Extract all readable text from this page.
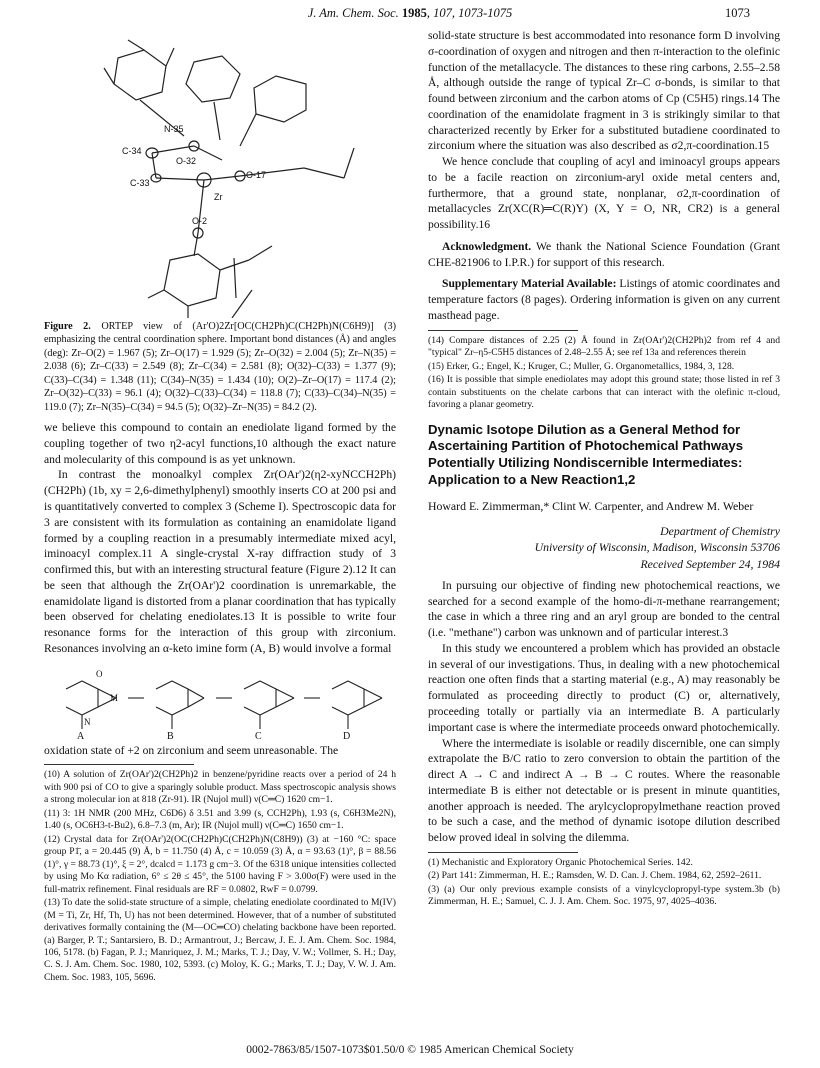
J. Am. Chem. Soc. 1985, 107, 1073-1075	1073
C-34
N-35
O-32
C-33
O-17
Zr
O-2
Figure 2. ORTEP view of (Ar'O)2Zr[OC(CH2Ph)C(CH2Ph)N(C6H9)] (3) emphasizing the central coordination sphere. Important bond distances (Å) and angles (deg): Zr–O(2) = 1.967 (5); Zr–O(17) = 1.929 (5); Zr–O(32) = 2.004 (5); Zr–N(35) = 2.038 (6); Zr–C(33) = 2.549 (8); Zr–C(34) = 2.581 (8); O(32)–C(33) = 1.377 (9); C(33)–C(34) = 1.348 (11); C(34)–N(35) = 1.434 (10); O(2)–Zr–O(17) = 117.4 (2); Zr–O(32)–C(33) = 96.1 (4); O(32)–C(33)–C(34) = 118.8 (7); C(33)–C(34)–N(35) = 119.0 (7); Zr–N(35)–C(34) = 94.5 (5); O(32)–Zr–N(35) = 84.2 (2).

we believe this compound to contain an enediolate ligand formed by the coupling together of two η2-acyl functions,10 although the exact nature and molecularity of this compound is as yet unknown.

In contrast the monoalkyl complex Zr(OAr')2(η2-xyNCCH2Ph)(CH2Ph) (1b, xy = 2,6-dimethylphenyl) smoothly inserts CO at 200 psi and is quantitatively converted to complex 3 (Scheme I). Spectroscopic data for 3 are consistent with its formulation as containing an enamidolate ligand formed by a coupling reaction in a presumably intermediate mixed acyl, iminoacyl complex.11 A single-crystal X-ray diffraction study of 3 confirmed this, but with an interesting structural feature (Figure 2).12 It can be seen that although the Zr(OAr')2 coordination is unremarkable, the enamidolate ligand is distorted from a planar coordination that has typically been observed for chelating enediolates.13 It is possible to write four resonance forms for the interaction of this group with zirconium. Resonances involving an α-keto imine form (A, B) would involve a formal

O
M
N
A	B	C	D

oxidation state of +2 on zirconium and seem unreasonable. The

(10) A solution of Zr(OAr')2(CH2Ph)2 in benzene/pyridine reacts over a period of 24 h with 900 psi of CO to give a sparingly soluble product. Mass spectroscopic analysis shows a strong molecular ion at 818 (Zr-91). IR (Nujol mull) ν(C═C) 1620 cm−1.

(11) 3: 1H NMR (200 MHz, C6D6) δ 3.51 and 3.99 (s, CCH2Ph), 1.93 (s, C6H3Me2N), 1.40 (s, OC6H3-t-Bu2), 6.8–7.3 (m, Ar); IR (Nujol mull) ν(C═C) 1650 cm−1.

(12) Crystal data for Zr(OAr')2(OC(CH2Ph)C(CH2Ph)N(C8H9)) (3) at −160 °C: space group P1̄, a = 20.445 (9) Å, b = 11.750 (4) Å, c = 10.059 (3) Å, α = 93.63 (1)°, β = 88.56 (1)°, γ = 88.73 (1)°, ξ = 2°, dcalcd = 1.173 g cm−3. Of the 6318 unique intensities collected by using Mo Kα radiation, 6° ≤ 2θ ≤ 45°, the 5100 having F > 3.00σ(F) were used in the full-matrix refinement. Final residuals are RF = 0.0802, RwF = 0.0799.

(13) To date the solid-state structure of a simple, chelating enediolate coordinated to M(IV) (M = Ti, Zr, Hf, Th, U) has not been determined. However, that of a number of substituted derivatives formally containing the (M—OC═CO) chelating backbone have been reported. (a) Barger, P. T.; Santarsiero, B. D.; Armantrout, J.; Bercaw, J. E. J. Am. Chem. Soc. 1984, 106, 5178. (b) Fagan, P. J.; Manriquez, J. M.; Marks, T. J.; Day, V. W.; Vollmer, S. H.; Day, C. S. J. Am. Chem. Soc. 1980, 102, 5393. (c) Moloy, K. G.; Marks, T. J.; Day, V. W. J. Am. Chem. Soc. 1983, 105, 5696.

solid-state structure is best accommodated into resonance form D involving σ-coordination of oxygen and nitrogen and then π-interaction to the olefinic function of the metallacycle. The distances to these ring carbons, 2.55–2.58 Å, although outside the range of typical Zr–C σ-bonds, is similar to that found between zirconium and the carbon atoms of Cp (C5H5) rings.14 The coordination of the enamidolate fragment in 3 is strikingly similar to that characterized recently by Erker for a substituted butadiene coordinated to zirconium where the situation was also described as σ2,π-coordination.15

We hence conclude that coupling of acyl and iminoacyl groups appears to be a facile reaction on zirconium-aryl oxide metal centers and, furthermore, that a ground state, nonplanar, σ2,π-coordination of metallacycles Zr(XC(R)═C(R)Y) (X, Y = O, NR, CR2) is a general possibility.16

Acknowledgment. We thank the National Science Foundation (Grant CHE-821906 to I.P.R.) for support of this research.

Supplementary Material Available: Listings of atomic coordinates and temperature factors (8 pages). Ordering information is given on any current masthead page.

(14) Compare distances of 2.25 (2) Å found in Zr(OAr')2(CH2Ph)2 from ref 4 and "typical" Zr–η5-C5H5 distances of 2.48–2.55 Å; see ref 13a and references therein

(15) Erker, G.; Engel, K.; Kruger, C.; Muller, G. Organometallics, 1984, 3, 128.

(16) It is possible that simple enediolates may adopt this ground state; those listed in ref 3 contain substituents on the chelate carbons that can interact with the olefinic π-cloud, favoring a planar geometry.

Dynamic Isotope Dilution as a General Method for Ascertaining Partition of Photochemical Pathways Potentially Utilizing Nondiscernible Intermediates: Application to a New Reaction1,2
Howard E. Zimmerman,* Clint W. Carpenter, and Andrew M. Weber
Department of Chemistry
University of Wisconsin, Madison, Wisconsin 53706
Received September 24, 1984

In pursuing our objective of finding new photochemical reactions, we searched for a second example of the homo-di-π-methane rearrangement; the case in which a three ring and an aryl group are bonded to the central (i.e. "methane") carbon was unknown and of particular interest.3

In this study we encountered a problem which has provided an obstacle in several of our investigations. Thus, in dealing with a new photochemical reaction one often finds that a starting material (e.g., A) may reasonably be formulated as proceeding directly to product (C) or, alternatively, proceeding totally or partially via an intermediate B. A particularly important case is where the intermediate proceeds onward photochemically.

Where the intermediate is isolable or readily discernible, one can simply extrapolate the B/C ratio to zero conversion to obtain the partition of the direct A → C and indirect A → B → C routes. Where the reasonable intermediate B is either not detectable or is present in minute quantities, another approach is needed. The arylcyclopropylmethane reaction proved to be such a case, and the method of dynamic isotope dilution described below proved ideal in solving the dilemma.

(1) Mechanistic and Exploratory Organic Photochemical Series. 142.

(2) Part 141: Zimmerman, H. E.; Ramsden, W. D. Can. J. Chem. 1984, 62, 2592–2611.

(3) (a) Our only previous example consists of a vinylcyclopropyl-type system.3b (b) Zimmerman, H. E.; Samuel, C. J. J. Am. Chem. Soc. 1975, 97, 4025–4036.

0002-7863/85/1507-1073$01.50/0 © 1985 American Chemical Society
